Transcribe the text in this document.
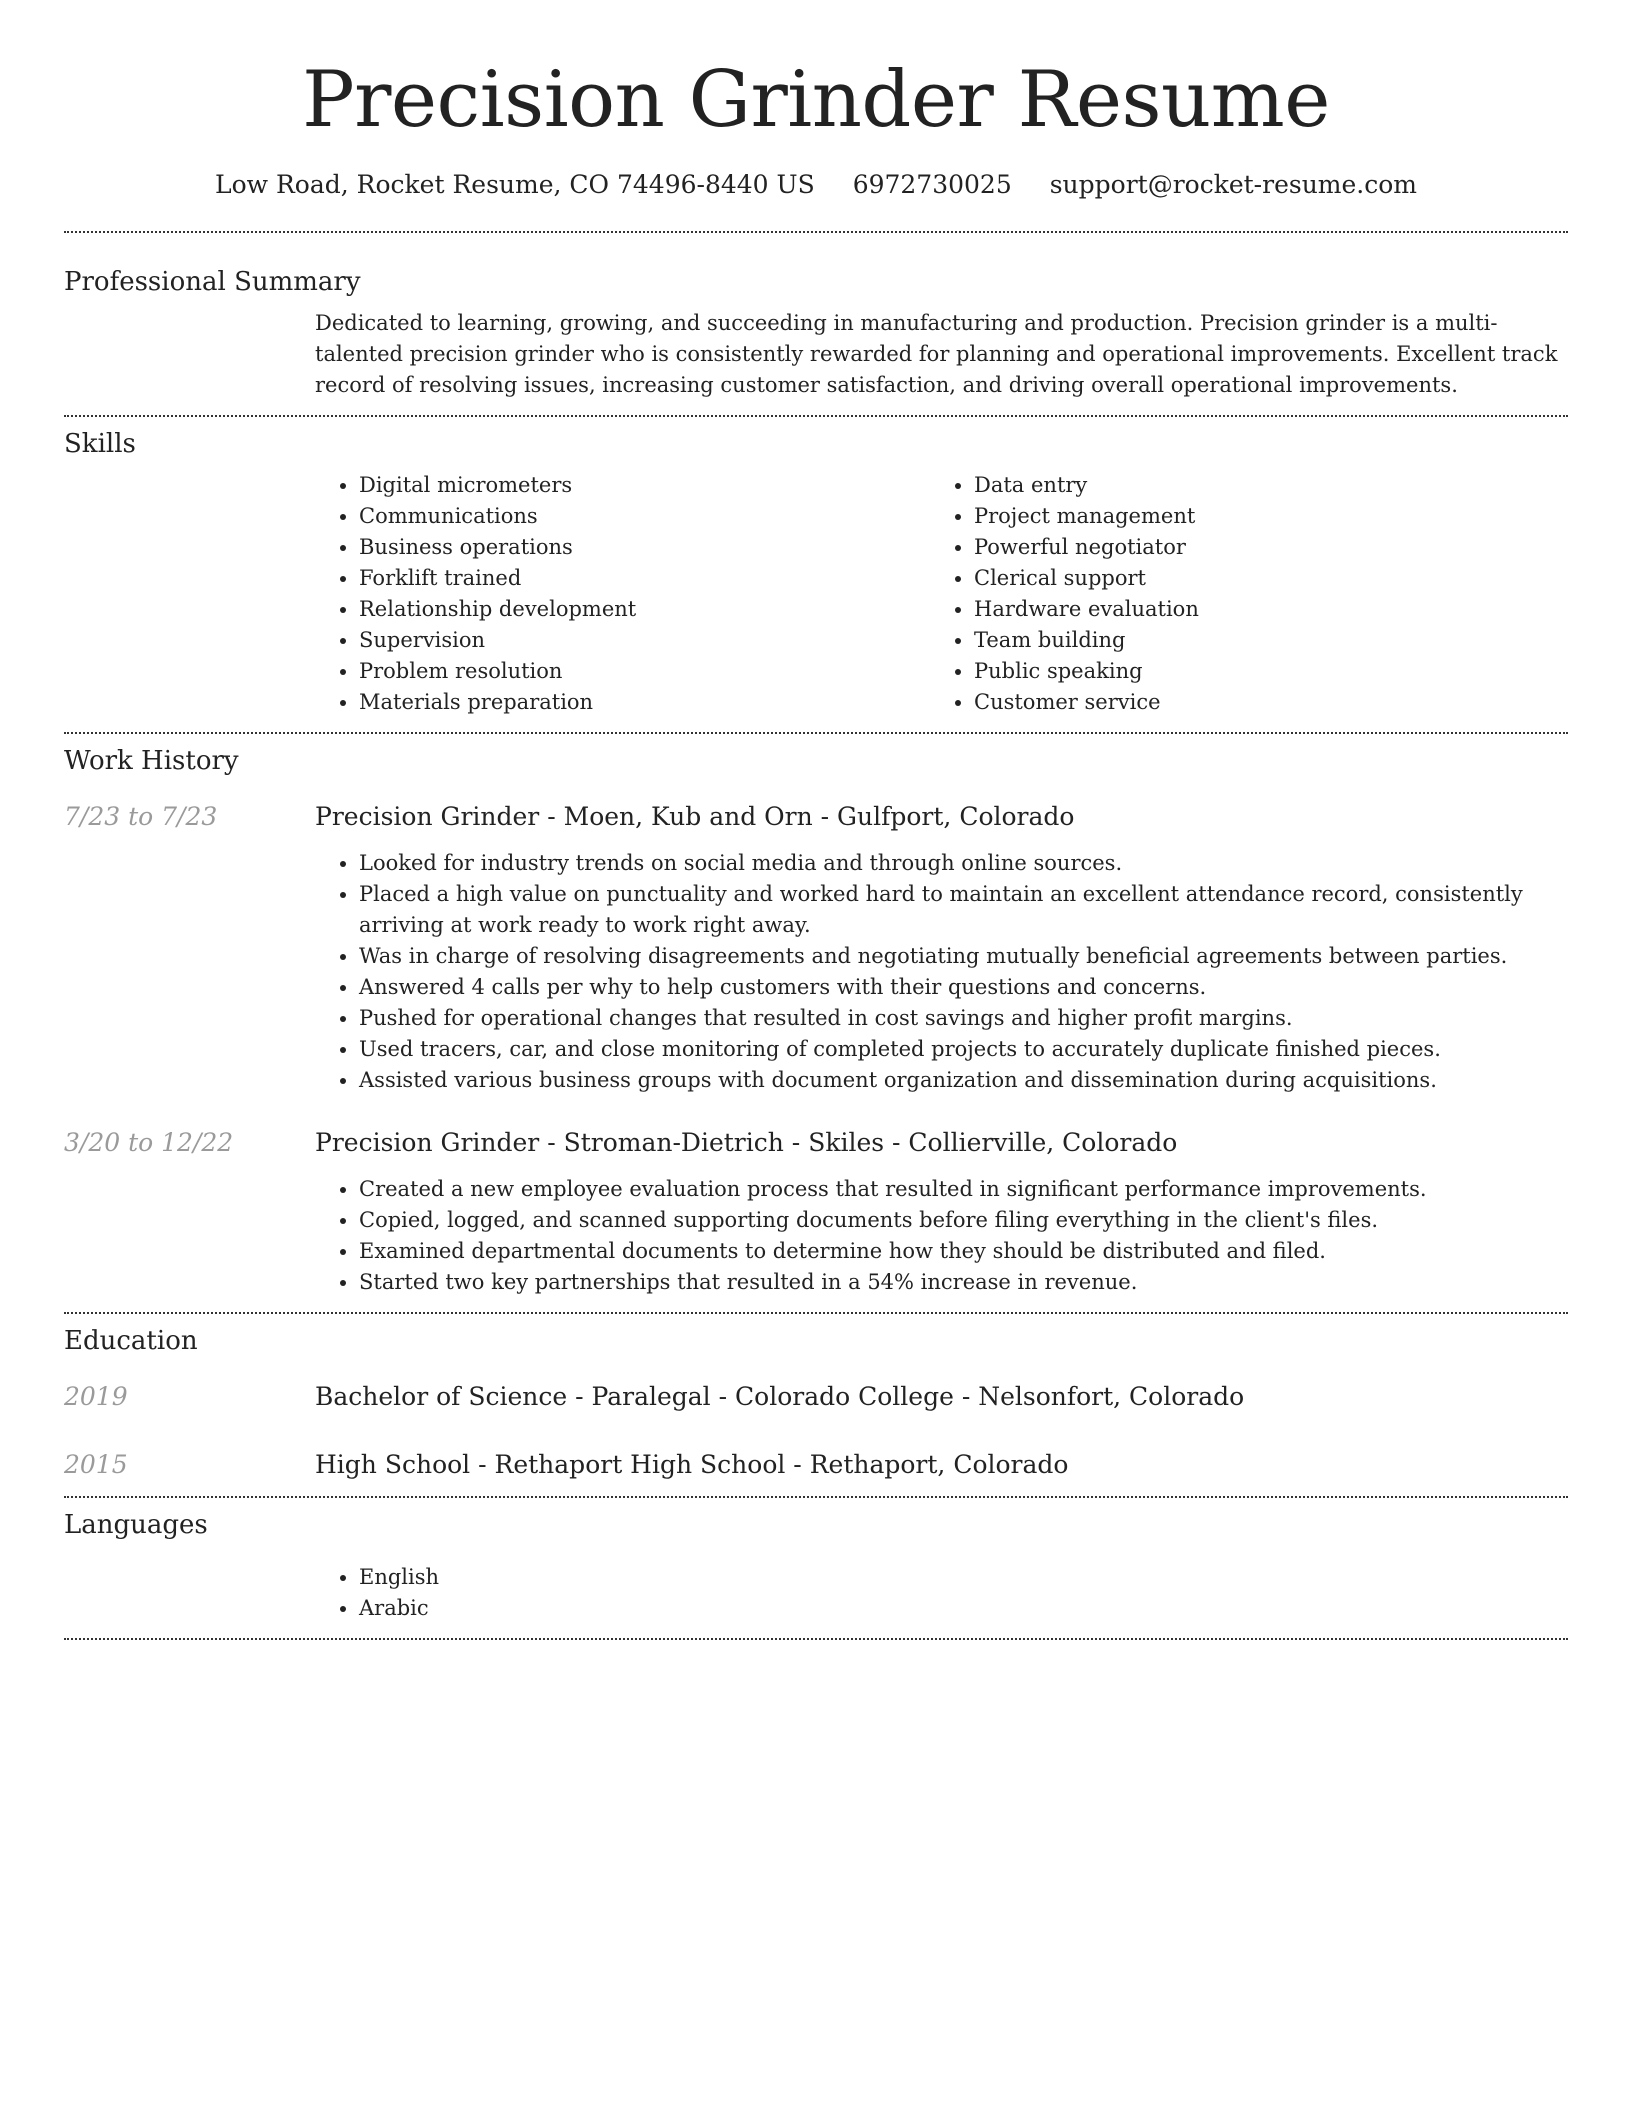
Precision Grinder Resume
Low Road, Rocket Resume, CO 74496-8440 US 6972730025 support@rocket-resume.com
Professional Summary

Dedicated to learning, growing, and succeeding in manufacturing and production. Precision grinder is a multi-talented precision grinder who is consistently rewarded for planning and operational improvements. Excellent track record of resolving issues, increasing customer satisfaction, and driving overall operational improvements.

Skills
• Digital micrometers
• Communications
• Business operations
• Forklift trained
• Relationship development
• Supervision
• Problem resolution
• Materials preparation
• Data entry
• Project management
• Powerful negotiator
• Clerical support
• Hardware evaluation
• Team building
• Public speaking
• Customer service
Work History
7/23 to 7/23	Precision Grinder - Moen, Kub and Orn - Gulfport, Colorado
• Looked for industry trends on social media and through online sources.
• Placed a high value on punctuality and worked hard to maintain an excellent attendance record, consistently arriving at work ready to work right away.
• Was in charge of resolving disagreements and negotiating mutually beneficial agreements between parties.
• Answered 4 calls per why to help customers with their questions and concerns.
• Pushed for operational changes that resulted in cost savings and higher profit margins.
• Used tracers, car, and close monitoring of completed projects to accurately duplicate finished pieces.
• Assisted various business groups with document organization and dissemination during acquisitions.
3/20 to 12/22	Precision Grinder - Stroman-Dietrich - Skiles - Collierville, Colorado
• Created a new employee evaluation process that resulted in significant performance improvements.
• Copied, logged, and scanned supporting documents before filing everything in the client's files.
• Examined departmental documents to determine how they should be distributed and filed.
• Started two key partnerships that resulted in a 54% increase in revenue.
Education
2019	Bachelor of Science - Paralegal - Colorado College - Nelsonfort, Colorado
2015	High School - Rethaport High School - Rethaport, Colorado
Languages
• English
• Arabic
